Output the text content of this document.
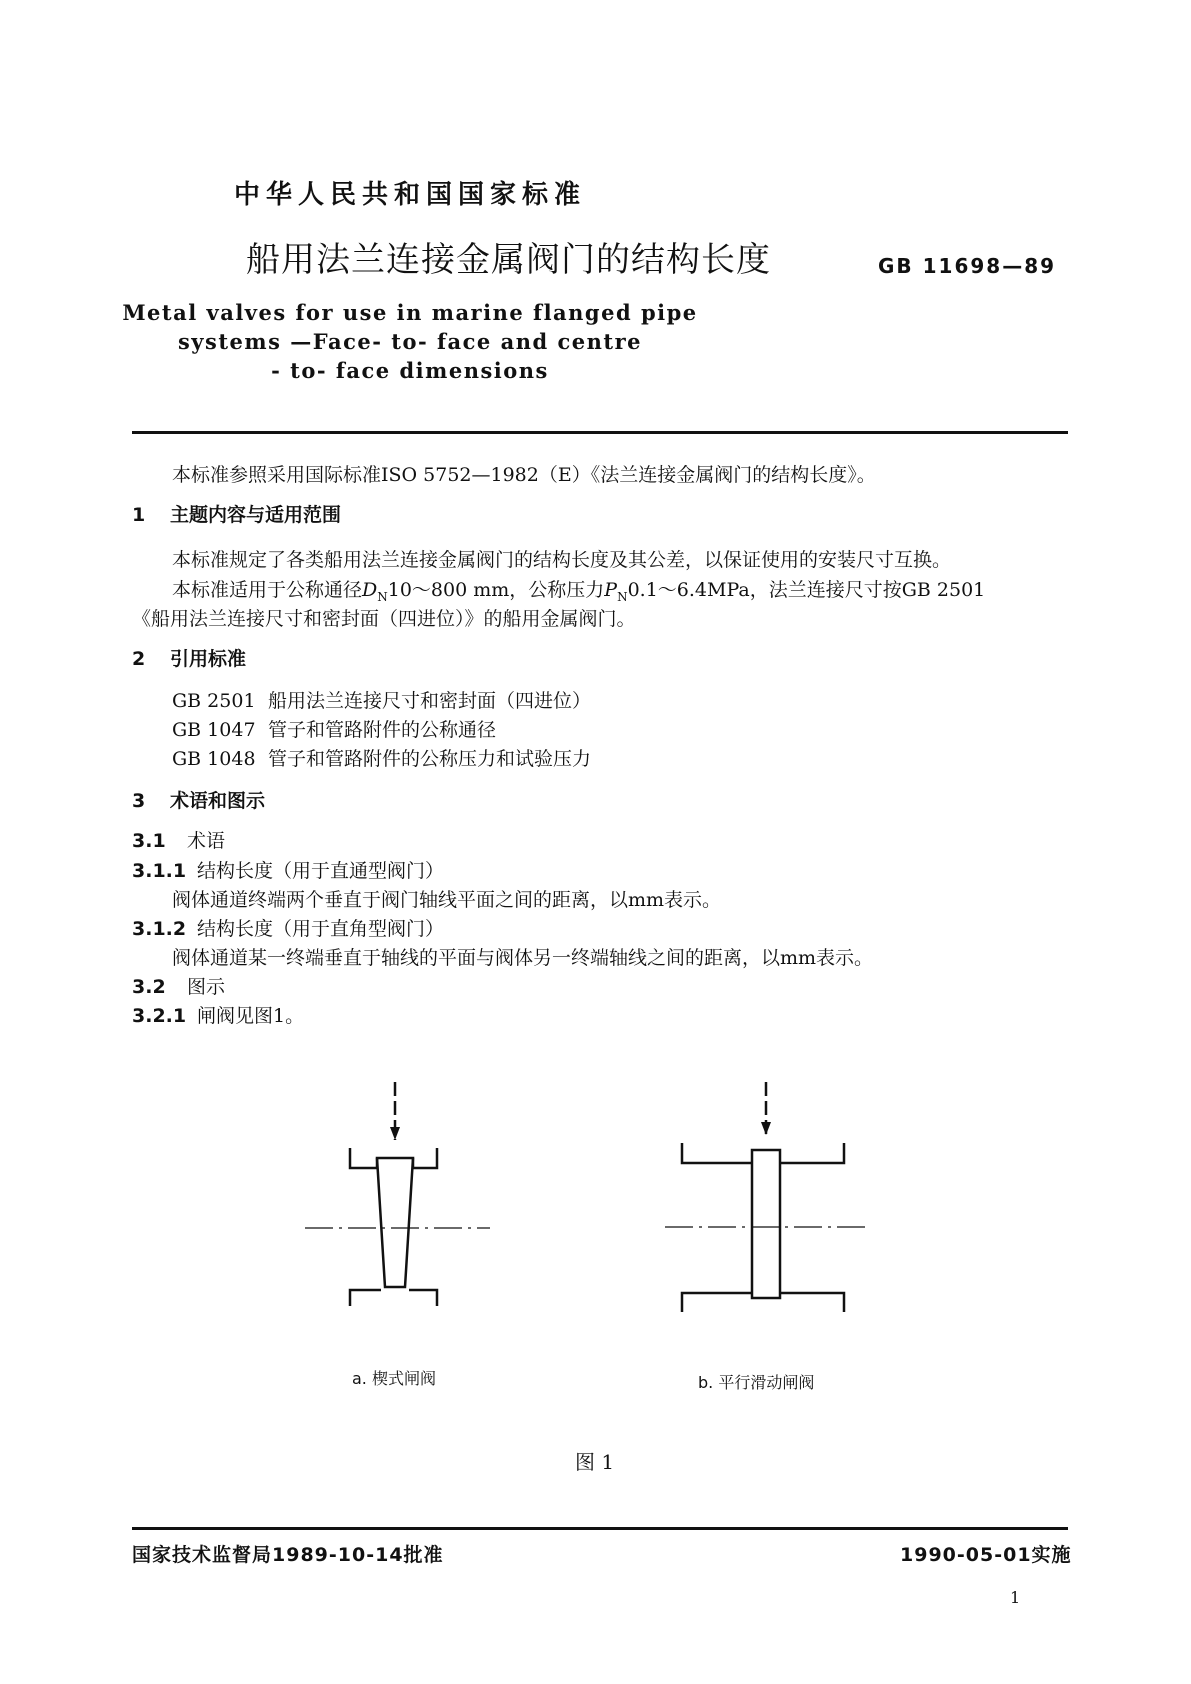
中华人民共和国国家标准
船用法兰连接金属阀门的结构长度	GB 11698—89
Metal valves for use in marine flanged pipe
systems —Face- to- face and centre
- to- face dimensions
本标准参照采用国际标准ISO 5752—1982（E）《法兰连接金属阀门的结构长度》。
1 主题内容与适用范围
本标准规定了各类船用法兰连接金属阀门的结构长度及其公差，以保证使用的安装尺寸互换。
本标准适用于公称通径$D_N10\sim 800$ mm，公称压力$P_N0.1\sim 6.4MPa$，法兰连接尺寸按GB 2501
《船用法兰连接尺寸和密封面（四进位）》的船用金属阀门。
2 引用标准
GB 2501 船用法兰连接尺寸和密封面（四进位）
GB 1047 管子和管路附件的公称通径
GB 1048 管子和管路附件的公称压力和试验压力
3 术语和图示
3.1 术语
3.1.1 结构长度（用于直通型阀门）
阀体通道终端两个垂直于阀门轴线平面之间的距离，以mm表示。
3.1.2 结构长度（用于直角型阀门）
阀体通道某一终端垂直于轴线的平面与阀体另一终端轴线之间的距离，以mm表示。
3.2 图示
3.2.1 闸阀见图1。
a. 楔式闸阀	b. 平行滑动闸阀
图 1
国家技术监督局1989-10-14批准	1990-05-01实施
1
